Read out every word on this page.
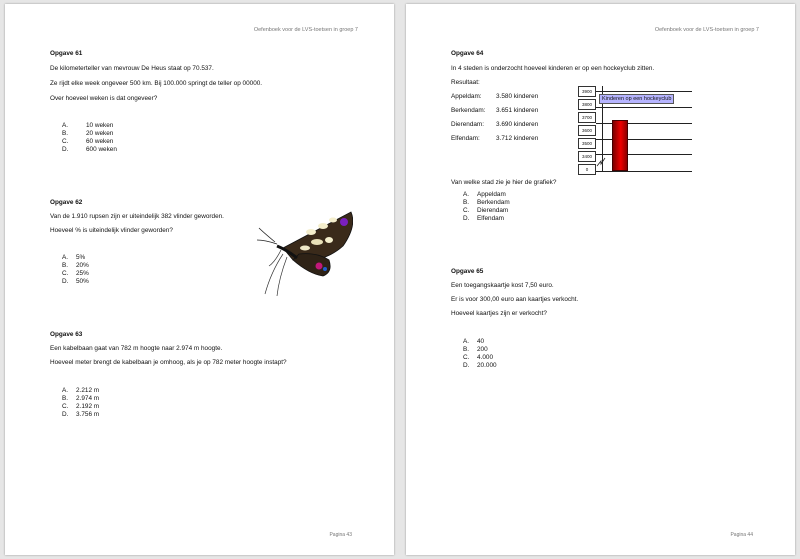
Oefenboek voor de LVS-toetsen in groep 7
Opgave 61
De kilometerteller van mevrouw De Heus staat op 70.537.
Ze rijdt elke week ongeveer 500 km. Bij 100.000 springt de teller op 00000.
Over hoeveel weken is dat ongeveer?
A.	10 weken
B.	20 weken
C.	60 weken
D.	600 weken
Opgave 62
Van de 1.910 rupsen zijn er uiteindelijk 382 vlinder geworden.
Hoeveel % is uiteindelijk vlinder geworden?
A. 5%
B. 20%
C. 25%
D. 50%
Opgave 63
Een kabelbaan gaat van 782 m hoogte naar 2.974 m hoogte.
Hoeveel meter brengt de kabelbaan je omhoog, als je op 782 meter hoogte instapt?
A. 2.212 m
B. 2.974 m
C. 2.192 m
D. 3.756 m
Pagina 43
Oefenboek voor de LVS-toetsen in groep 7
Opgave 64
In 4 steden is onderzocht hoeveel kinderen er op een hockeyclub zitten.
Resultaat:
Appeldam: 3.580 kinderen
Berkendam: 3.651 kinderen
Dierendam: 3.690 kinderen
Elfendam:	3.712 kinderen
3900
3800
3700
3600
3500
3400
0
Kinderen op een hockeyclub
Van welke stad zie je hier de grafiek?
A. Appeldam
B. Berkendam
C. Dierendam
D. Elfendam
Opgave 65
Een toegangskaartje kost 7,50 euro.
Er is voor 300,00 euro aan kaartjes verkocht.
Hoeveel kaartjes zijn er verkocht?
A. 40
B. 200
C. 4.000
D. 20.000
Pagina 44
